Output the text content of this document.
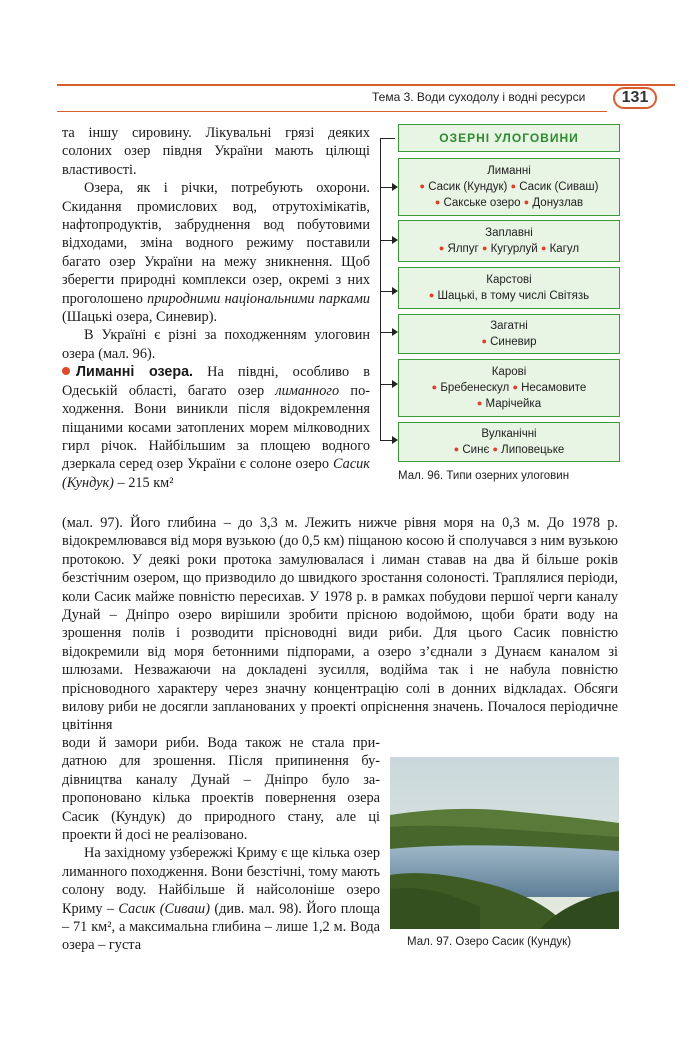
Тема 3. Води суходолу і водні ресурси	131
та іншу сировину. Лікувальні грязі деяких солоних озер півдня України мають цілющі властивості.
Озера, як і річки, потребують охорони. Скидання промислових вод, отрутохімікатів, нафтопродуктів, забруднення вод побутовими відходами, зміна водного режиму поставили багато озер України на межу зникнення. Щоб зберегти природні комплекси озер, окремі з них проголошено природними національними парками (Шацькі озера, Синевир).
В Україні є різні за походженням улоговин озера (мал. 96).
Лиманні озера. На півдні, особливо в Одеській області, багато озер лиманного походження. Вони виникли після відокремлення піщаними косами затоплених морем мілководних гирл річок. Найбільшим за площею водного дзеркала серед озер України є солоне озеро Сасик (Кундук) – 215 км²
ОЗЕРНІ УЛОГОВИНИ
Лиманні
● Сасик (Кундук) ● Сасик (Сиваш)
● Сакське озеро ● Донузлав
Заплавні
● Ялпуг ● Кугурлуй ● Кагул
Карстові
● Шацькі, в тому числі Світязь
Загатні
● Синевир
Карові
● Бребенескул ● Несамовите
● Марічейка
Вулканічні
● Синє ● Липовецьке
Мал. 96. Типи озерних улоговин
(мал. 97). Його глибина – до 3,3 м. Лежить нижче рівня моря на 0,3 м. До 1978 р. відокремлювався від моря вузькою (до 0,5 км) піщаною косою й сполучався з ним вузькою протокою. У деякі роки протока замулювалася і лиман ставав на два й більше років безстічним озером, що призводило до швидкого зростання солоності. Траплялися періоди, коли Сасик майже повністю пересихав. У 1978 р. в рамках побудови першої черги каналу Дунай – Дніпро озеро вирішили зробити прісною водоймою, щоби брати воду на зрошення полів і розводити пріcноводні види риби. Для цього Сасик повністю відокремили від моря бетонними підпорами, а озеро з’єднали з Дунаєм каналом зі шлюзами. Незважаючи на докладені зусилля, водійма так і не набула повністю прісноводного характеру через значну концентрацію солі в донних відкладах. Обсяги вилову риби не досягли запланованих у проекті опріснення значень. Почалося періодичне цвітіння
води й замори риби. Вода також не стала придатною для зрошення. Після припинення будівництва каналу Дунай – Дніпро було запропоновано кілька проектів повернення озера Сасик (Кундук) до природного стану, але ці проекти й досі не реалізовано.
На західному узбережжі Криму є ще кілька озер лиманного походження. Вони безстічні, тому мають солону воду. Найбільше й найсолоніше озеро Криму – Сасик (Сиваш) (див. мал. 98). Його площа – 71 км², а максимальна глибина – лише 1,2 м. Вода озера – густа	Мал. 97. Озеро Сасик (Кундук)
